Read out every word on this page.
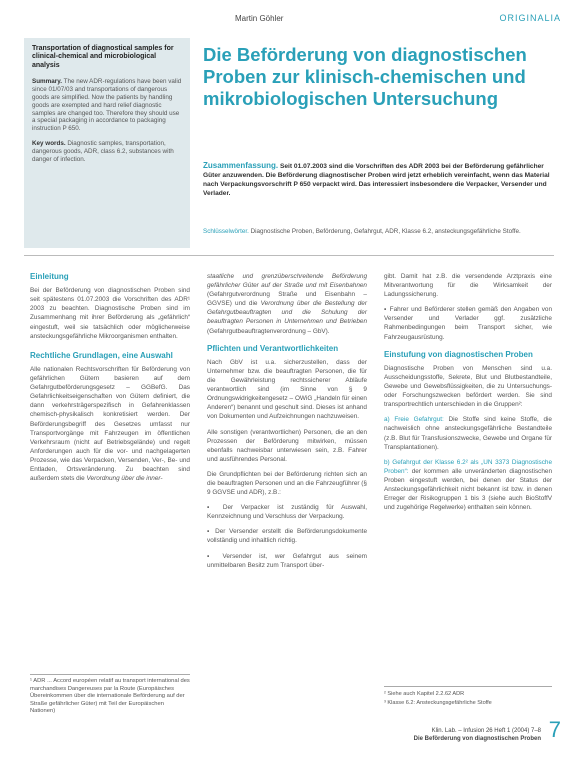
Martin Göhler	ORIGINALIA
Transportation of diagnostical samples for clinical-chemical and microbiological analysis
Summary. The new ADR-regulations have been valid since 01/07/03 and transportations of dangerous goods are simplified. Now the patients by handling goods are exempted and hard relief diagnostic samples are changed too. Therefore they should use a special packaging in accordance to packaging instruction P 650.
Key words. Diagnostic samples, transportation, dangerous goods, ADR, class 6.2, substances with danger of infection.
Die Beförderung von diagnostischen Proben zur klinisch-chemischen und mikrobiologischen Untersuchung
Zusammenfassung. Seit 01.07.2003 sind die Vorschriften des ADR 2003 bei der Beförderung gefährlicher Güter anzuwenden. Die Beförderung diagnostischer Proben wird jetzt erheblich vereinfacht, wenn das Material nach Verpackungsvorschrift P 650 verpackt wird. Das interessiert insbesondere die Verpacker, Versender und Verlader.
Schlüsselwörter. Diagnostische Proben, Beförderung, Gefahrgut, ADR, Klasse 6.2, ansteckungsgefährliche Stoffe.
Einleitung

Bei der Beförderung von diagnostischen Proben sind seit spätestens 01.07.2003 die Vorschriften des ADR¹ 2003 zu beachten. Diagnostische Proben sind im Zusammenhang mit ihrer Beförderung als „gefährlich“ eingestuft, weil sie tatsächlich oder möglicherweise ansteckungsgefährliche Mikroorganismen enthalten.

Rechtliche Grundlagen, eine Auswahl

Alle nationalen Rechtsvorschriften für Beförderung von gefährlichen Gütern basieren auf dem Gefahrgutbeförderungsgesetz – GGBefG. Das Gefahrlichkeitseigenschaften von Gütern definiert, die dann verkehrsträgerspezifisch in Gefahrenklassen chemisch-physikalisch konkretisiert werden. Der Beförderungsbegriff des Gesetzes umfasst nur Transportvorgänge mit Fahrzeugen im öffentlichen Verkehrsraum (nicht auf Betriebsgelände) und regelt Anforderungen auch für die vor- und nachgelagerten Prozesse, wie das Verpacken, Versenden, Ver-, Be- und Entladen, Ortsveränderung. Zu beachten sind außerdem stets die Verordnung über die inner-

¹ ADR ... Accord européen relatif au transport international des marchandises Dangereuses par la Route (Europäisches Übereinkommen über die internationale Beförderung auf der Straße gefährlicher Güter) mit Teil der Europäischen Nationen)

staatliche und grenzüberschreitende Beförderung gefährlicher Güter auf der Straße und mit Eisenbahnen (Gefahrgutverordnung Straße und Eisenbahn – GGVSE) und die Verordnung über die Bestellung der Gefahrgutbeauftragten und die Schulung der beauftragten Personen in Unternehmen und Betrieben (Gefahrgutbeauftragtenverordnung – GbV).

Pflichten und Verantwortlichkeiten

Nach GbV ist u.a. sicherzustellen, dass der Unternehmer bzw. die beauftragten Personen, die für die Gewährleistung rechtssicherer Abläufe verantwortlich sind (im Sinne von § 9 Ordnungswidrigkeitengesetz – OWiG „Handeln für einen Anderen“) benannt und geschult sind. Dieses ist anhand von Dokumenten und Aufzeichnungen nachzuweisen.

Alle sonstigen (verantwortlichen) Personen, die an den Prozessen der Beförderung mitwirken, müssen ebenfalls nachweisbar unterwiesen sein, z.B. Fahrer und ausführendes Personal.

Die Grundpflichten bei der Beförderung richten sich an die beauftragten Personen und an die Fahrzeugführer (§ 9 GGVSE und ADR), z.B.:

▪ Der Verpacker ist zuständig für Auswahl, Kennzeichnung und Verschluss der Verpackung.

▪ Der Versender erstellt die Beförderungsdokumente vollständig und inhaltlich richtig.

▪ Versender ist, wer Gefahrgut aus seinem unmittelbaren Besitz zum Transport über-

gibt. Damit hat z.B. die versendende Arztpraxis eine Mitverantwortung für die Wirksamkeit der Ladungssicherung.

▪ Fahrer und Beförderer stellen gemäß den Angaben von Versender und Verlader ggf. zusätzliche Rahmenbedingungen beim Transport sicher, wie Fahrzeugausrüstung.

Einstufung von diagnostischen Proben

Diagnostische Proben von Menschen sind u.a. Ausscheidungsstoffe, Sekrete, Blut und Blutbestandteile, Gewebe und Gewebsflüssigkeiten, die zu Untersuchungs- oder Forschungszwecken befördert werden. Sie sind transportrechtlich unterschieden in die Gruppen²:

a) Freie Gefahrgut: Die Stoffe sind keine Stoffe, die nachweislich ohne ansteckungsgefährliche Bestandteile (z.B. Blut für Transfusionszwecke, Gewebe und Organe für Transplantationen).

b) Gefahrgut der Klasse 6.2² als „UN 3373 Diagnostische Proben“: der kommen alle unveränderten diagnostischen Proben eingestuft werden, bei denen der Status der Ansteckungsgefährlichkeit nicht bekannt ist bzw. in denen Erreger der Risikogruppen 1 bis 3 (siehe auch BioStoffV und zugehörige Regelwerke) enthalten sein können.

² Siehe auch Kapitel 2.2.62 ADR
³ Klasse 6.2: Ansteckungsgefährliche Stoffe
Klin. Lab. – Infusion 26 Heft 1 (2004) 7–8
Die Beförderung von diagnostischen Proben 7
